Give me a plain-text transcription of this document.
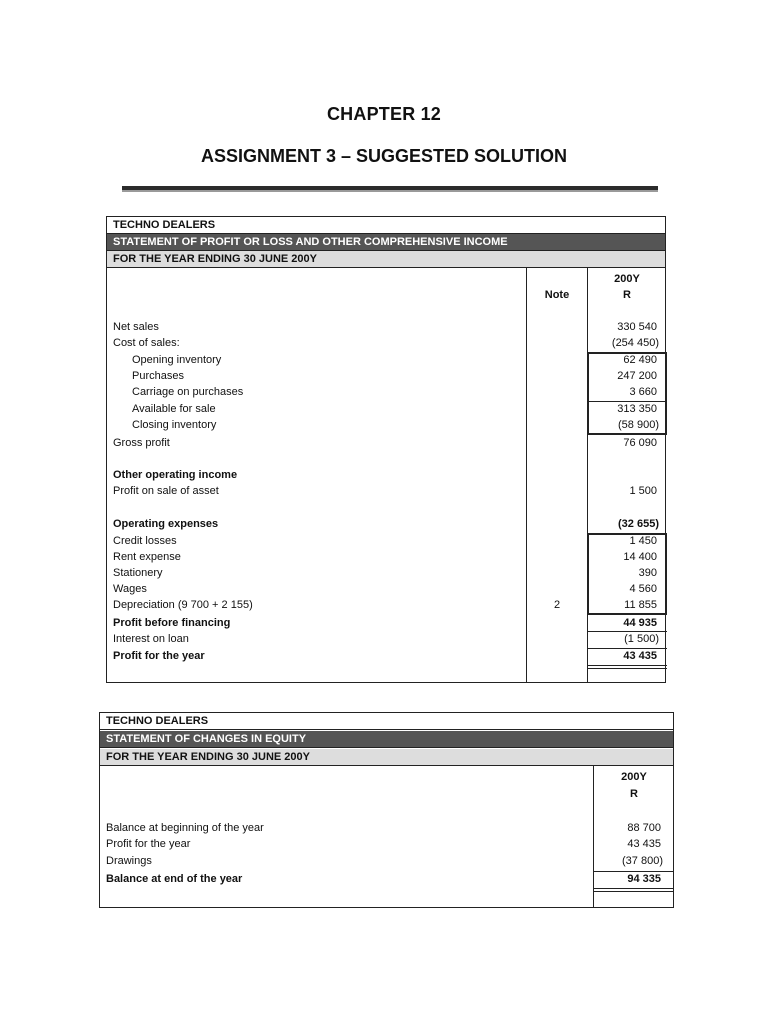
CHAPTER 12
ASSIGNMENT 3 – SUGGESTED SOLUTION
TECHNO DEALERS
STATEMENT OF PROFIT OR LOSS AND OTHER COMPREHENSIVE INCOME
FOR THE YEAR ENDING 30 JUNE 200Y
200Y
R
Note
Net sales	330 540
Cost of sales:	(254 450)
Opening inventory	62 490
Purchases	247 200
Carriage on purchases	3 660
Available for sale	313 350
Closing inventory	(58 900)
Gross profit	76 090
Other operating income
Profit on sale of asset	1 500
Operating expenses	(32 655)
Credit losses	1 450
Rent expense	14 400
Stationery	390
Wages	4 560
Depreciation (9 700 + 2 155)	2	11 855
Profit before financing	44 935
Interest on loan	(1 500)
Profit for the year	43 435
TECHNO DEALERS
STATEMENT OF CHANGES IN EQUITY
FOR THE YEAR ENDING 30 JUNE 200Y
200Y
R
Balance at beginning of the year	88 700
Profit for the year	43 435
Drawings	(37 800)
Balance at end of the year	94 335
